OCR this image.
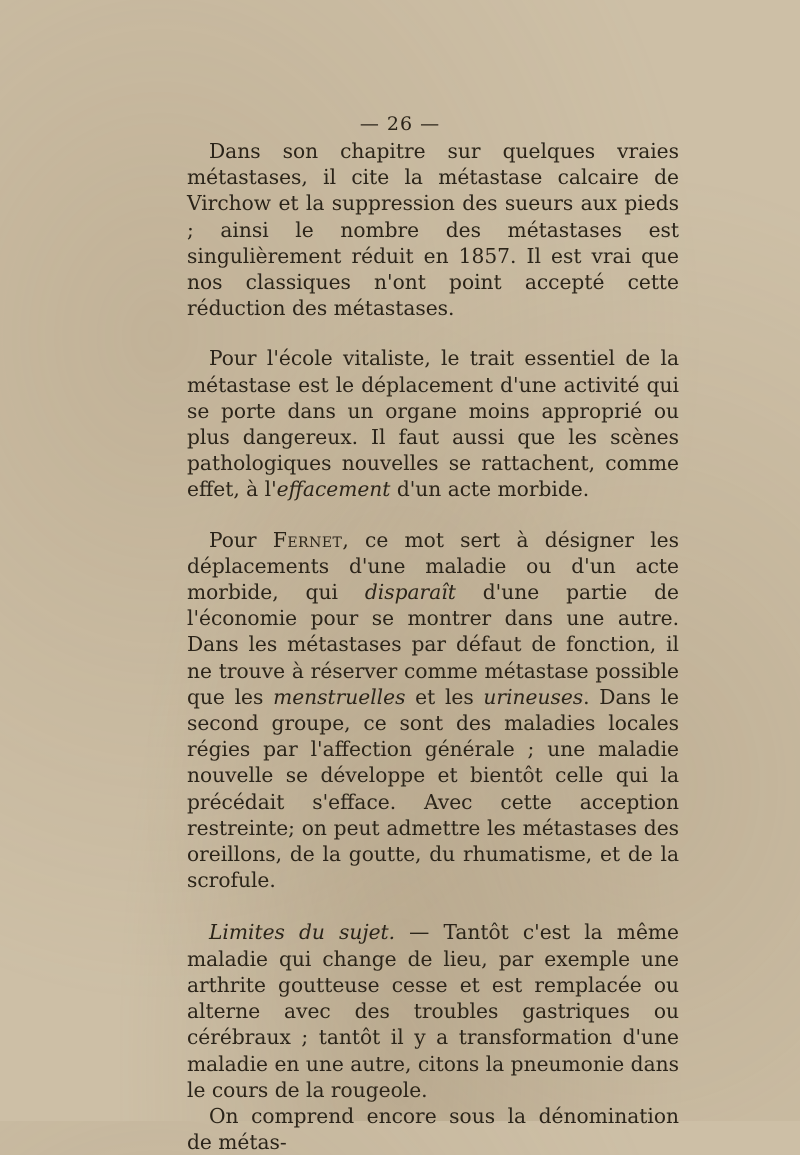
— 26 —

Dans son chapitre sur quelques vraies métastases, il cite la métastase calcaire de Virchow et la suppression des sueurs aux pieds ; ainsi le nombre des métastases est singulièrement réduit en 1857. Il est vrai que nos classiques n'ont point accepté cette réduction des métastases.

Pour l'école vitaliste, le trait essentiel de la métastase est le déplacement d'une activité qui se porte dans un organe moins approprié ou plus dangereux. Il faut aussi que les scènes pathologiques nouvelles se rattachent, comme effet, à l'effacement d'un acte morbide.

Pour Fernet, ce mot sert à désigner les déplacements d'une maladie ou d'un acte morbide, qui disparaît d'une partie de l'économie pour se montrer dans une autre. Dans les métastases par défaut de fonction, il ne trouve à réserver comme métastase possible que les menstruelles et les urineuses. Dans le second groupe, ce sont des maladies locales régies par l'affection générale ; une maladie nouvelle se développe et bientôt celle qui la précédait s'efface. Avec cette acception restreinte; on peut admettre les métastases des oreillons, de la goutte, du rhumatisme, et de la scrofule.

Limites du sujet. — Tantôt c'est la même maladie qui change de lieu, par exemple une arthrite goutteuse cesse et est remplacée ou alterne avec des troubles gastriques ou cérébraux ; tantôt il y a transformation d'une maladie en une autre, citons la pneumonie dans le cours de la rougeole.

On comprend encore sous la dénomination de métas-
